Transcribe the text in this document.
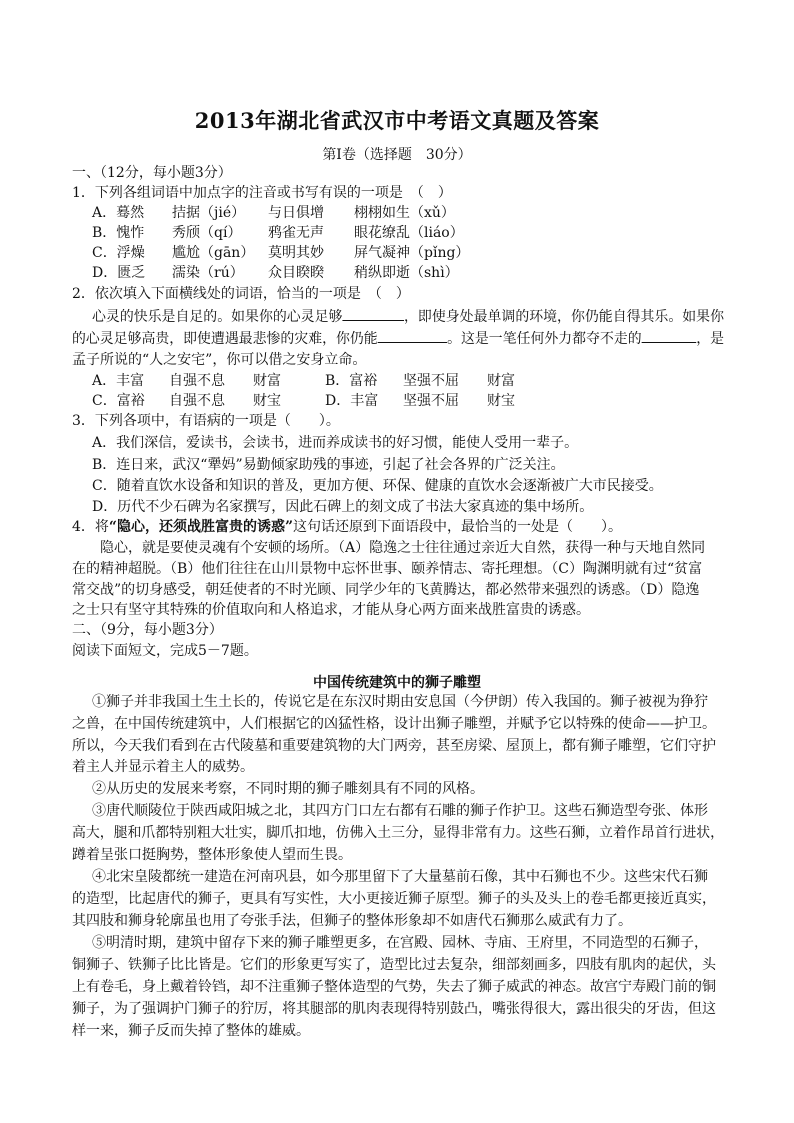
2013年湖北省武汉市中考语文真题及答案
第Ⅰ卷（选择题　30分）
一、（12分，每小题3分）
1．下列各组词语中加点字的注音或书写有误的一项是　（　）
A．蓦然 拮据（jié） 与日俱增 栩栩如生（xǔ）
B．愧怍 秀颀（qí） 鸦雀无声 眼花缭乱（liáo）
C．浮燥 尴尬（gān） 莫明其妙 屏气凝神（pǐng）
D．匮乏 濡染（rú） 众目睽睽 稍纵即逝（shì）
2．依次填入下面横线处的词语，恰当的一项是　（　）
心灵的快乐是自足的。如果你的心灵足够	，即使身处最单调的环境，你仍能自得其乐。如果你
的心灵足够高贵，即使遭遇最悲惨的灾难，你仍能	。这是一笔任何外力都夺不走的	，是
孟子所说的“人之安宅”，你可以借之安身立命。
A．丰富 自强不息 财富	B．富裕 坚强不屈 财富
C．富裕 自强不息 财宝	D．丰富 坚强不屈 财宝
3．下列各项中，有语病的一项是（　　）。
A．我们深信，爱读书，会读书，进而养成读书的好习惯，能使人受用一辈子。
B．连日来，武汉“犟妈”易勤倾家助残的事迹，引起了社会各界的广泛关注。
C．随着直饮水设备和知识的普及，更加方便、环保、健康的直饮水会逐渐被广大市民接受。
D．历代不少石碑为名家撰写，因此石碑上的刻文成了书法大家真迹的集中场所。
4．将“隐心，还须战胜富贵的诱惑”这句话还原到下面语段中，最恰当的一处是（　　）。
隐心，就是要使灵魂有个安顿的场所。（A）隐逸之士往往通过亲近大自然，获得一种与天地自然同
在的精神超脱。（B）他们往往在山川景物中忘怀世事、颐养情志、寄托理想。（C）陶渊明就有过“贫富
常交战”的切身感受，朝廷使者的不时光顾、同学少年的飞黄腾达，都必然带来强烈的诱惑。（D）隐逸
之士只有坚守其特殊的价值取向和人格追求，才能从身心两方面来战胜富贵的诱惑。
二、（9分，每小题3分）
阅读下面短文，完成5－7题。
中国传统建筑中的狮子雕塑
①狮子并非我国土生土长的，传说它是在东汉时期由安息国（今伊朗）传入我国的。狮子被视为狰狞
之兽，在中国传统建筑中，人们根据它的凶猛性格，设计出狮子雕塑，并赋予它以特殊的使命——护卫。
所以，今天我们看到在古代陵墓和重要建筑物的大门两旁，甚至房梁、屋顶上，都有狮子雕塑，它们守护
着主人并显示着主人的威势。
②从历史的发展来考察，不同时期的狮子雕刻具有不同的风格。
③唐代顺陵位于陕西咸阳城之北，其四方门口左右都有石雕的狮子作护卫。这些石狮造型夸张、体形
高大，腿和爪都特别粗大壮实，脚爪扣地，仿佛入土三分，显得非常有力。这些石狮，立着作昂首行进状，
蹲着呈张口挺胸势，整体形象使人望而生畏。
④北宋皇陵都统一建造在河南巩县，如今那里留下了大量墓前石像，其中石狮也不少。这些宋代石狮
的造型，比起唐代的狮子，更具有写实性，大小更接近狮子原型。狮子的头及头上的卷毛都更接近真实，
其四肢和狮身轮廓虽也用了夸张手法，但狮子的整体形象却不如唐代石狮那么威武有力了。
⑤明清时期，建筑中留存下来的狮子雕塑更多，在宫殿、园林、寺庙、王府里，不同造型的石狮子，
铜狮子、铁狮子比比皆是。它们的形象更写实了，造型比过去复杂，细部刻画多，四肢有肌肉的起伏，头
上有卷毛，身上戴着铃铛，却不注重狮子整体造型的气势，失去了狮子威武的神态。故宫宁寿殿门前的铜
狮子，为了强调护门狮子的狞厉，将其腿部的肌肉表现得特别鼓凸，嘴张得很大，露出很尖的牙齿，但这
样一来，狮子反而失掉了整体的雄威。
